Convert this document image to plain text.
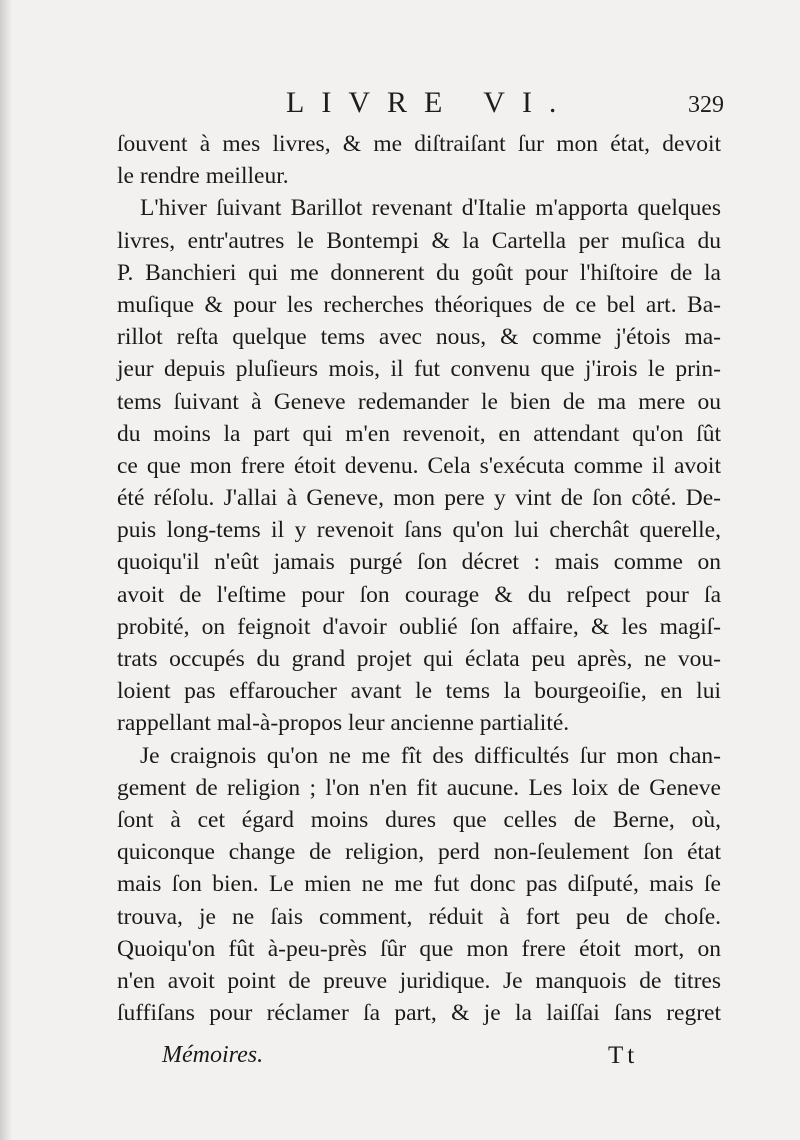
LIVRE VI.	329
ſouvent à mes livres, & me diſtraiſant ſur mon état, devoit
le rendre meilleur.
L'hiver ſuivant Barillot revenant d'Italie m'apporta quelques
livres, entr'autres le Bontempi & la Cartella per muſica du
P. Banchieri qui me donnerent du goût pour l'hiſtoire de la
muſique & pour les recherches théoriques de ce bel art. Ba-
rillot reſta quelque tems avec nous, & comme j'étois ma-
jeur depuis pluſieurs mois, il fut convenu que j'irois le prin-
tems ſuivant à Geneve redemander le bien de ma mere ou
du moins la part qui m'en revenoit, en attendant qu'on ſût
ce que mon frere étoit devenu. Cela s'exécuta comme il avoit
été réſolu. J'allai à Geneve, mon pere y vint de ſon côté. De-
puis long-tems il y revenoit ſans qu'on lui cherchât querelle,
quoiqu'il n'eût jamais purgé ſon décret : mais comme on
avoit de l'eſtime pour ſon courage & du reſpect pour ſa
probité, on feignoit d'avoir oublié ſon affaire, & les magiſ-
trats occupés du grand projet qui éclata peu après, ne vou-
loient pas effaroucher avant le tems la bourgeoiſie, en lui
rappellant mal-à-propos leur ancienne partialité.
Je craignois qu'on ne me fît des difficultés ſur mon chan-
gement de religion ; l'on n'en fit aucune. Les loix de Geneve
ſont à cet égard moins dures que celles de Berne, où,
quiconque change de religion, perd non-ſeulement ſon état
mais ſon bien. Le mien ne me fut donc pas diſputé, mais ſe
trouva, je ne ſais comment, réduit à fort peu de choſe.
Quoiqu'on fût à-peu-près ſûr que mon frere étoit mort, on
n'en avoit point de preuve juridique. Je manquois de titres
ſuffiſans pour réclamer ſa part, & je la laiſſai ſans regret
Mémoires.	Tt
